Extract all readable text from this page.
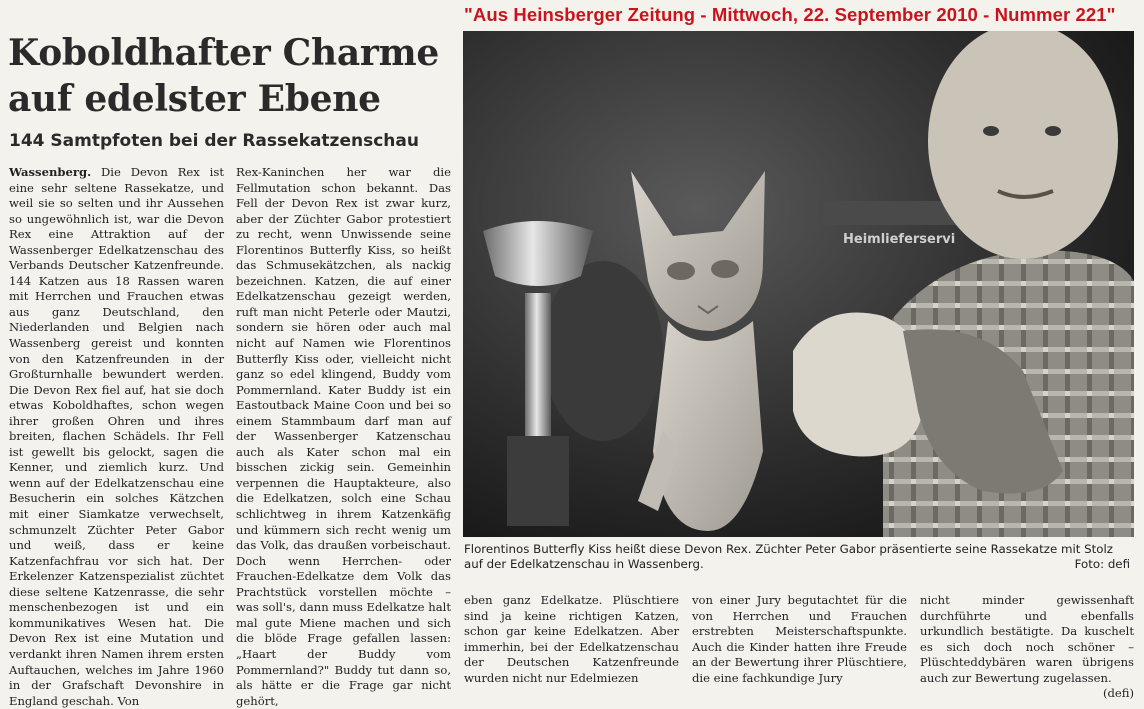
"Aus Heinsberger Zeitung - Mittwoch, 22. September 2010 - Nummer 221"
Koboldhafter Charme
auf edelster Ebene
144 Samtpfoten bei der Rassekatzenschau

Wassenberg. Die Devon Rex ist eine sehr seltene Rassekatze, und weil sie so selten und ihr Aussehen so ungewöhnlich ist, war die Devon Rex eine Attraktion auf der Wassenberger Edelkatzenschau des Verbands Deutscher Katzenfreunde. 144 Katzen aus 18 Rassen waren mit Herrchen und Frauchen etwas aus ganz Deutschland, den Niederlanden und Belgien nach Wassenberg gereist und konnten von den Katzenfreunden in der Großturnhalle bewundert werden. Die Devon Rex fiel auf, hat sie doch etwas Koboldhaftes, schon wegen ihrer großen Ohren und ihres breiten, flachen Schädels. Ihr Fell ist gewellt bis gelockt, sagen die Kenner, und ziemlich kurz. Und wenn auf der Edelkatzenschau eine Besucherin ein solches Kätzchen mit einer Siamkatze verwechselt, schmunzelt Züchter Peter Gabor und weiß, dass er keine Katzenfachfrau vor sich hat. Der Erkelenzer Katzenspezialist züchtet diese seltene Katzenrasse, die sehr menschenbezogen ist und ein kommunikatives Wesen hat. Die Devon Rex ist eine Mutation und verdankt ihren Namen ihrem ersten Auftauchen, welches im Jahre 1960 in der Grafschaft Devonshire in England geschah. Von

Rex-Kaninchen her war die Fellmutation schon bekannt. Das Fell der Devon Rex ist zwar kurz, aber der Züchter Gabor protestiert zu recht, wenn Unwissende seine Florentinos Butterfly Kiss, so heißt das Schmusekätzchen, als nackig bezeichnen. Katzen, die auf einer Edelkatzenschau gezeigt werden, ruft man nicht Peterle oder Mautzi, sondern sie hören oder auch mal nicht auf Namen wie Florentinos Butterfly Kiss oder, vielleicht nicht ganz so edel klingend, Buddy vom Pommernland. Kater Buddy ist ein Eastoutback Maine Coon und bei so einem Stammbaum darf man auf der Wassenberger Katzenschau auch als Kater schon mal ein bisschen zickig sein. Gemeinhin verpennen die Hauptakteure, also die Edelkatzen, solch eine Schau schlichtweg in ihrem Katzenkäfig und kümmern sich recht wenig um das Volk, das draußen vorbeischaut. Doch wenn Herrchen- oder Frauchen-Edelkatze dem Volk das Prachtstück vorstellen möchte – was soll's, dann muss Edelkatze halt mal gute Miene machen und sich die blöde Frage gefallen lassen: „Haart der Buddy vom Pommernland?" Buddy tut dann so, als hätte er die Frage gar nicht gehört,

Heimlieferservi
Florentinos Butterfly Kiss heißt diese Devon Rex. Züchter Peter Gabor präsentierte seine Rassekatze mit Stolz
auf der Edelkatzenschau in Wassenberg.	Foto: defi

eben ganz Edelkatze. Plüschtiere sind ja keine richtigen Katzen, schon gar keine Edelkatzen. Aber immerhin, bei der Edelkatzenschau der Deutschen Katzenfreunde wurden nicht nur Edelmiezen

von einer Jury begutachtet für die von Herrchen und Frauchen erstrebten Meisterschaftspunkte. Auch die Kinder hatten ihre Freude an der Bewertung ihrer Plüschtiere, die eine fachkundige Jury

nicht minder gewissenhaft durchführte und ebenfalls urkundlich bestätigte. Da kuschelt es sich doch noch schöner – Plüschteddybären waren übrigens auch zur Bewertung zugelassen.
(defi)
